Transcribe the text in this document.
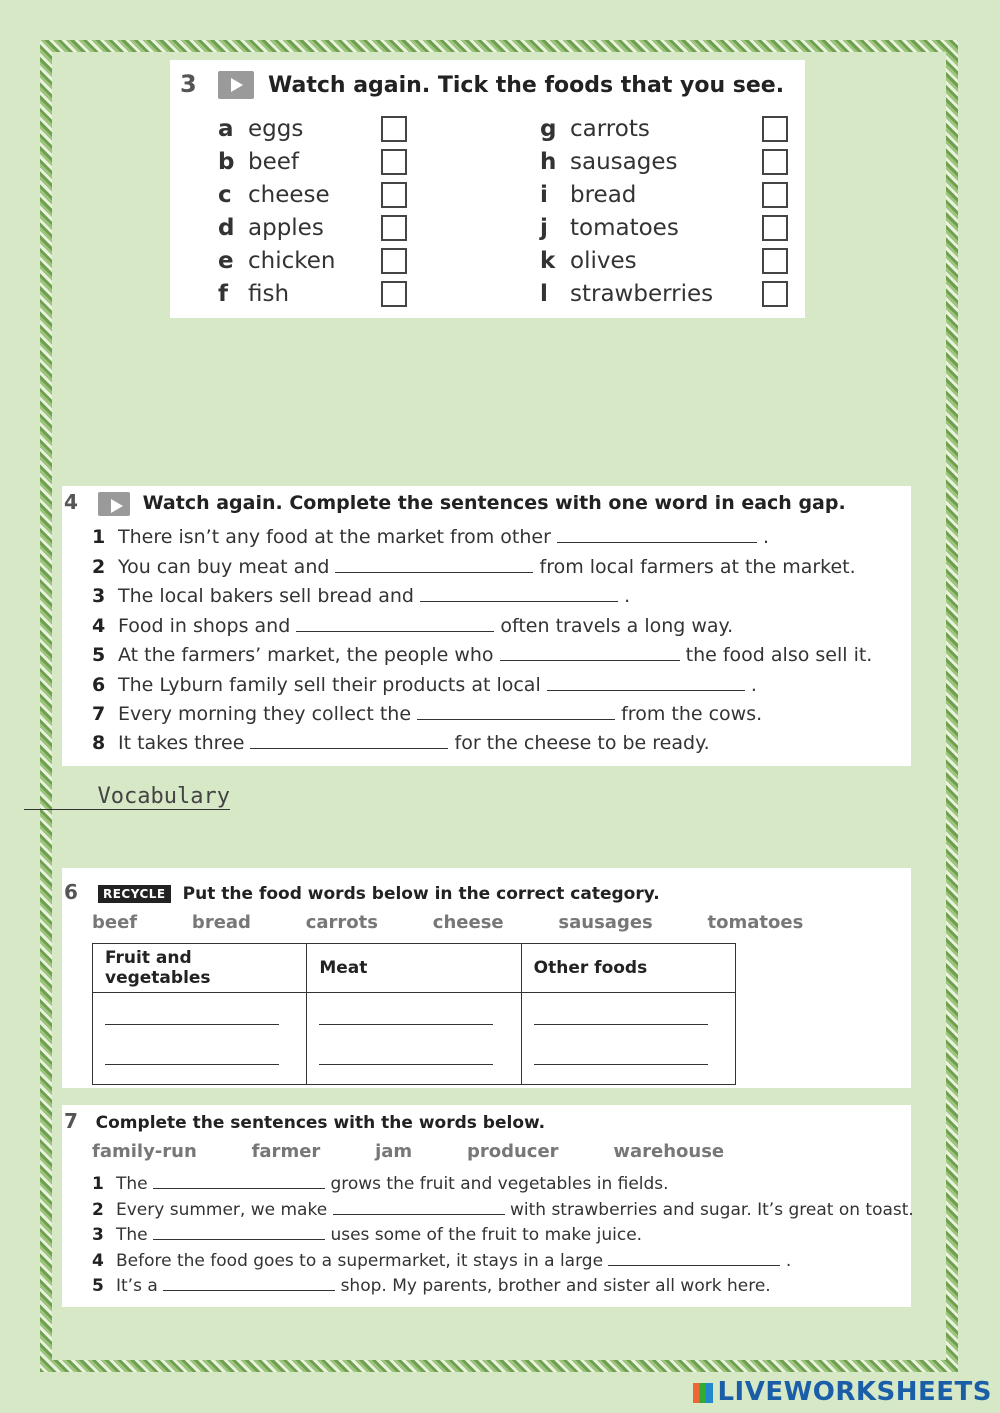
3	Watch again. Tick the foods that you see.
a eggs
b beef
c cheese
d apples
e chicken
f fish
g carrots
h sausages
i bread
j tomatoes
k olives
l strawberries
4	Watch again. Complete the sentences with one word in each gap.
1 There isn’t any food at the market from other	.
2 You can buy meat and	from local farmers at the market.
3 The local bakers sell bread and	.
4 Food in shops and	often travels a long way.
5 At the farmers’ market, the people who	the food also sell it.
6 The Lyburn family sell their products at local	.
7 Every morning they collect the	from the cows.
8 It takes three	for the cheese to be ready.
Vocabulary
6 RECYCLE Put the food words below in the correct category.
beef   bread   carrots   cheese   sausages   tomatoes
Fruit and vegetables	Meat	Other foods

7 Complete the sentences with the words below.
family-run   farmer   jam   producer   warehouse
1 The	grows the fruit and vegetables in fields.
2 Every summer, we make	with strawberries and sugar. It’s great on toast.
3 The	uses some of the fruit to make juice.
4 Before the food goes to a supermarket, it stays in a large	.
5 It’s a	shop. My parents, brother and sister all work here.
LIVEWORKSHEETS
